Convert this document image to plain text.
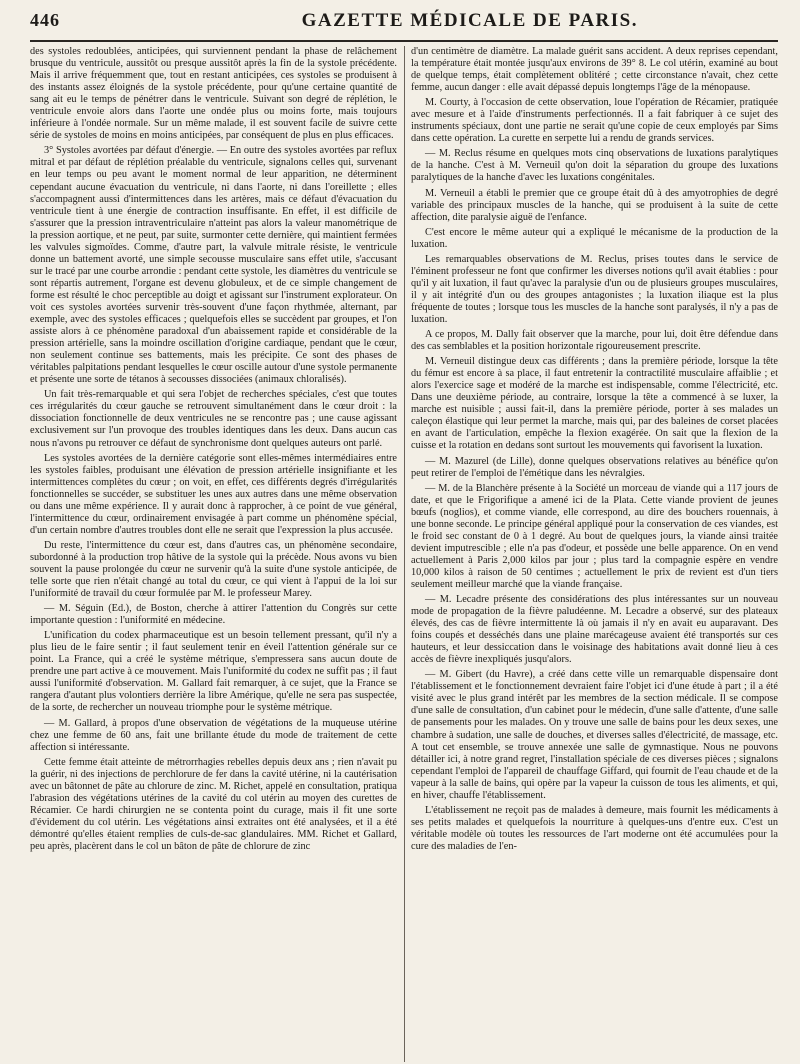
446	GAZETTE MÉDICALE DE PARIS.

des systoles redoublées, anticipées, qui surviennent pendant la phase de relâchement brusque du ventricule, aussitôt ou presque aussitôt après la fin de la systole précédente. Mais il arrive fréquemment que, tout en restant anticipées, ces systoles se produisent à des instants assez éloignés de la systole précédente, pour qu'une certaine quantité de sang ait eu le temps de pénétrer dans le ventricule. Suivant son degré de réplétion, le ventricule envoie alors dans l'aorte une ondée plus ou moins forte, mais toujours inférieure à l'ondée normale. Sur un même malade, il est souvent facile de suivre cette série de systoles de moins en moins anticipées, par conséquent de plus en plus efficaces.

3° Systoles avortées par défaut d'énergie. — En outre des systoles avortées par reflux mitral et par défaut de réplétion préalable du ventricule, signalons celles qui, survenant en leur temps ou peu avant le moment normal de leur apparition, ne déterminent cependant aucune évacuation du ventricule, ni dans l'aorte, ni dans l'oreillette ; elles s'accompagnent aussi d'intermittences dans les artères, mais ce défaut d'évacuation du ventricule tient à une énergie de contraction insuffisante. En effet, il est difficile de s'assurer que la pression intraventriculaire n'atteint pas alors la valeur manométrique de la pression aortique, et ne peut, par suite, surmonter cette dernière, qui maintient fermées les valvules sigmoïdes. Comme, d'autre part, la valvule mitrale résiste, le ventricule donne un battement avorté, une simple secousse musculaire sans effet utile, s'accusant sur le tracé par une courbe arrondie : pendant cette systole, les diamètres du ventricule se sont répartis autrement, l'organe est devenu globuleux, et de ce simple changement de forme est résulté le choc perceptible au doigt et agissant sur l'instrument explorateur. On voit ces systoles avortées survenir très-souvent d'une façon rhythmée, alternant, par exemple, avec des systoles efficaces ; quelquefois elles se succèdent par groupes, et l'on assiste alors à ce phénomène paradoxal d'un abaissement rapide et considérable de la pression artérielle, sans la moindre oscillation d'origine cardiaque, pendant que le cœur, non seulement continue ses battements, mais les précipite. Ce sont des phases de véritables palpitations pendant lesquelles le cœur oscille autour d'une systole permanente et présente une sorte de tétanos à secousses dissociées (animaux chloralisés).

Un fait très-remarquable et qui sera l'objet de recherches spéciales, c'est que toutes ces irrégularités du cœur gauche se retrouvent simultanément dans le cœur droit : la dissociation fonctionnelle de deux ventricules ne se rencontre pas ; une cause agissant exclusivement sur l'un provoque des troubles identiques dans les deux. Dans aucun cas nous n'avons pu retrouver ce défaut de synchronisme dont quelques auteurs ont parlé.

Les systoles avortées de la dernière catégorie sont elles-mêmes intermédiaires entre les systoles faibles, produisant une élévation de pression artérielle insignifiante et les intermittences complètes du cœur ; on voit, en effet, ces différents degrés d'irrégularités fonctionnelles se succéder, se substituer les unes aux autres dans une même observation ou dans une même expérience. Il y aurait donc à rapprocher, à ce point de vue général, l'intermittence du cœur, ordinairement envisagée à part comme un phénomène spécial, d'un certain nombre d'autres troubles dont elle ne serait que l'expression la plus accusée.

Du reste, l'intermittence du cœur est, dans d'autres cas, un phénomène secondaire, subordonné à la production trop hâtive de la systole qui la précède. Nous avons vu bien souvent la pause prolongée du cœur ne survenir qu'à la suite d'une systole anticipée, de telle sorte que rien n'était changé au total du cœur, ce qui vient à l'appui de la loi sur l'uniformité de travail du cœur formulée par M. le professeur Marey.

— M. Séguin (Ed.), de Boston, cherche à attirer l'attention du Congrès sur cette importante question : l'uniformité en médecine.

L'unification du codex pharmaceutique est un besoin tellement pressant, qu'il n'y a plus lieu de le faire sentir ; il faut seulement tenir en éveil l'attention générale sur ce point. La France, qui a créé le système métrique, s'empressera sans aucun doute de prendre une part active à ce mouvement. Mais l'uniformité du codex ne suffit pas ; il faut aussi l'uniformité d'observation. M. Gallard fait remarquer, à ce sujet, que la France se rangera d'autant plus volontiers derrière la libre Amérique, qu'elle ne sera pas suspectée, de la sorte, de rechercher un nouveau triomphe pour le système métrique.

— M. Gallard, à propos d'une observation de végétations de la muqueuse utérine chez une femme de 60 ans, fait une brillante étude du mode de traitement de cette affection si intéressante.

Cette femme était atteinte de métrorrhagies rebelles depuis deux ans ; rien n'avait pu la guérir, ni des injections de perchlorure de fer dans la cavité utérine, ni la cautérisation avec un bâtonnet de pâte au chlorure de zinc. M. Richet, appelé en consultation, pratiqua l'abrasion des végétations utérines de la cavité du col utérin au moyen des curettes de Récamier. Ce hardi chirurgien ne se contenta point du curage, mais il fit une sorte d'évidement du col utérin. Les végétations ainsi extraites ont été analysées, et il a été démontré qu'elles étaient remplies de culs-de-sac glandulaires. MM. Richet et Gallard, peu après, placèrent dans le col un bâton de pâte de chlorure de zinc

d'un centimètre de diamètre. La malade guérit sans accident. A deux reprises cependant, la température était montée jusqu'aux environs de 39° 8. Le col utérin, examiné au bout de quelque temps, était complètement oblitéré ; cette circonstance n'avait, chez cette femme, aucun danger : elle avait dépassé depuis longtemps l'âge de la ménopause.

M. Courty, à l'occasion de cette observation, loue l'opération de Récamier, pratiquée avec mesure et à l'aide d'instruments perfectionnés. Il a fait fabriquer à ce sujet des instruments spéciaux, dont une partie ne serait qu'une copie de ceux employés par Sims dans cette opération. La curette en serpette lui a rendu de grands services.

— M. Reclus résume en quelques mots cinq observations de luxations paralytiques de la hanche. C'est à M. Verneuil qu'on doit la séparation du groupe des luxations paralytiques de la hanche d'avec les luxations congénitales.

M. Verneuil a établi le premier que ce groupe était dû à des amyotrophies de degré variable des principaux muscles de la hanche, qui se produisent à la suite de cette affection, dite paralysie aiguë de l'enfance.

C'est encore le même auteur qui a expliqué le mécanisme de la production de la luxation.

Les remarquables observations de M. Reclus, prises toutes dans le service de l'éminent professeur ne font que confirmer les diverses notions qu'il avait établies : pour qu'il y ait luxation, il faut qu'avec la paralysie d'un ou de plusieurs groupes musculaires, il y ait intégrité d'un ou des groupes antagonistes ; la luxation iliaque est la plus fréquente de toutes ; lorsque tous les muscles de la hanche sont paralysés, il n'y a pas de luxation.

A ce propos, M. Dally fait observer que la marche, pour lui, doit être défendue dans des cas semblables et la position horizontale rigoureusement prescrite.

M. Verneuil distingue deux cas différents ; dans la première période, lorsque la tête du fémur est encore à sa place, il faut entretenir la contractilité musculaire affaiblie ; et alors l'exercice sage et modéré de la marche est indispensable, comme l'électricité, etc. Dans une deuxième période, au contraire, lorsque la tête a commencé à se luxer, la marche est nuisible ; aussi fait-il, dans la première période, porter à ses malades un caleçon élastique qui leur permet la marche, mais qui, par des baleines de corset placées en avant de l'articulation, empêche la flexion exagérée. On sait que la flexion de la cuisse et la rotation en dedans sont surtout les mouvements qui favorisent la luxation.

— M. Mazurel (de Lille), donne quelques observations relatives au bénéfice qu'on peut retirer de l'emploi de l'émétique dans les névralgies.

— M. de la Blanchère présente à la Société un morceau de viande qui a 117 jours de date, et que le Frigorifique a amené ici de la Plata. Cette viande provient de jeunes bœufs (noglios), et comme viande, elle correspond, au dire des bouchers rouennais, à une bonne seconde. Le principe général appliqué pour la conservation de ces viandes, est le froid sec constant de 0 à 1 degré. Au bout de quelques jours, la viande ainsi traitée devient imputrescible ; elle n'a pas d'odeur, et possède une belle apparence. On en vend actuellement à Paris 2,000 kilos par jour ; plus tard la compagnie espère en vendre 10,000 kilos à raison de 50 centimes ; actuellement le prix de revient est d'un tiers seulement meilleur marché que la viande française.

— M. Lecadre présente des considérations des plus intéressantes sur un nouveau mode de propagation de la fièvre paludéenne. M. Lecadre a observé, sur des plateaux élevés, des cas de fièvre intermittente là où jamais il n'y en avait eu auparavant. Des foins coupés et desséchés dans une plaine marécageuse avaient été transportés sur ces hauteurs, et leur dessiccation dans le voisinage des habitations avait donné lieu à ces accès de fièvre inexpliqués jusqu'alors.

— M. Gibert (du Havre), a créé dans cette ville un remarquable dispensaire dont l'établissement et le fonctionnement devraient faire l'objet ici d'une étude à part ; il a été visité avec le plus grand intérêt par les membres de la section médicale. Il se compose d'une salle de consultation, d'un cabinet pour le médecin, d'une salle d'attente, d'une salle de pansements pour les malades. On y trouve une salle de bains pour les deux sexes, une chambre à sudation, une salle de douches, et diverses salles d'électricité, de massage, etc. A tout cet ensemble, se trouve annexée une salle de gymnastique. Nous ne pouvons détailler ici, à notre grand regret, l'installation spéciale de ces diverses pièces ; signalons cependant l'emploi de l'appareil de chauffage Giffard, qui fournit de l'eau chaude et de la vapeur à la salle de bains, qui opère par la vapeur la cuisson de tous les aliments, et qui, en hiver, chauffe l'établissement.

L'établissement ne reçoit pas de malades à demeure, mais fournit les médicaments à ses petits malades et quelquefois la nourriture à quelques-uns d'entre eux. C'est un véritable modèle où toutes les ressources de l'art moderne ont été accumulées pour la cure des maladies de l'en-
